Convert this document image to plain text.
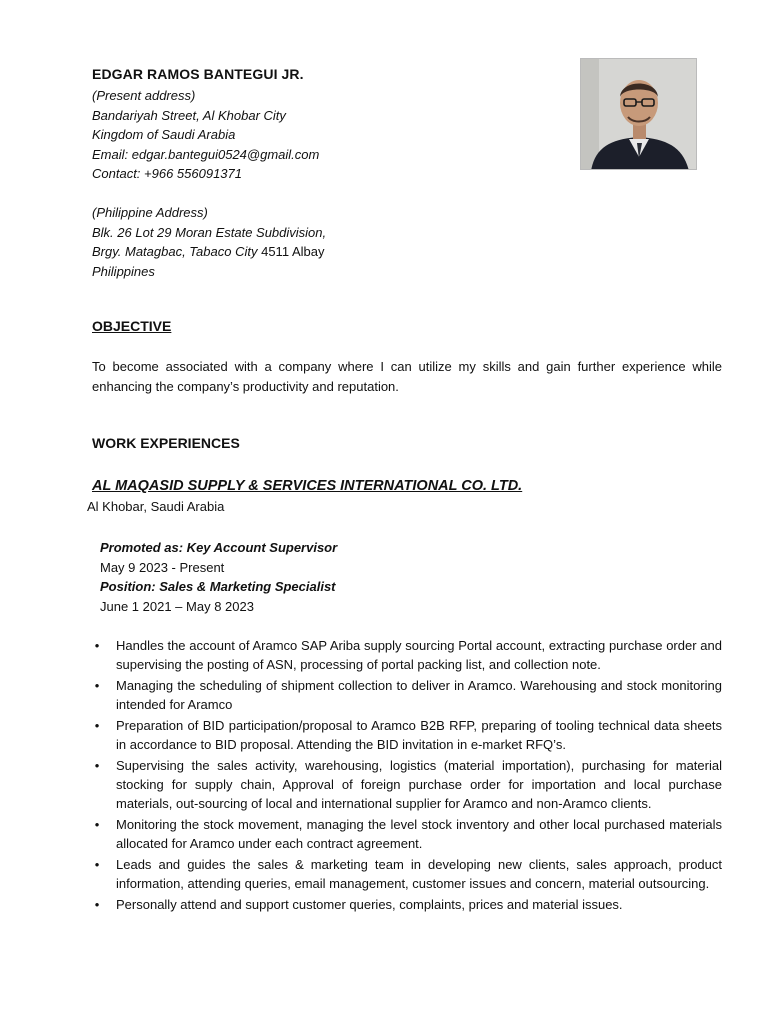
EDGAR RAMOS BANTEGUI JR.
(Present address)
Bandariyah Street, Al Khobar City
Kingdom of Saudi Arabia
Email: edgar.bantegui0524@gmail.com
Contact: +966 556091371
(Philippine Address)
Blk. 26 Lot 29 Moran Estate Subdivision,
Brgy. Matagbac, Tabaco City 4511 Albay
Philippines
OBJECTIVE
To become associated with a company where I can utilize my skills and gain further experience while enhancing the company’s productivity and reputation.
WORK EXPERIENCES
AL MAQASID SUPPLY & SERVICES INTERNATIONAL CO. LTD.
Al Khobar, Saudi Arabia
Promoted as: Key Account Supervisor
May 9 2023 - Present
Position: Sales & Marketing Specialist
June 1 2021 – May 8 2023
• Handles the account of Aramco SAP Ariba supply sourcing Portal account, extracting purchase order and supervising the posting of ASN, processing of portal packing list, and collection note.
• Managing the scheduling of shipment collection to deliver in Aramco. Warehousing and stock monitoring intended for Aramco
• Preparation of BID participation/proposal to Aramco B2B RFP, preparing of tooling technical data sheets in accordance to BID proposal. Attending the BID invitation in e-market RFQ’s.
• Supervising the sales activity, warehousing, logistics (material importation), purchasing for material stocking for supply chain, Approval of foreign purchase order for importation and local purchase materials, out-sourcing of local and international supplier for Aramco and non-Aramco clients.
• Monitoring the stock movement, managing the level stock inventory and other local purchased materials allocated for Aramco under each contract agreement.
• Leads and guides the sales & marketing team in developing new clients, sales approach, product information, attending queries, email management, customer issues and concern, material outsourcing.
• Personally attend and support customer queries, complaints, prices and material issues.
